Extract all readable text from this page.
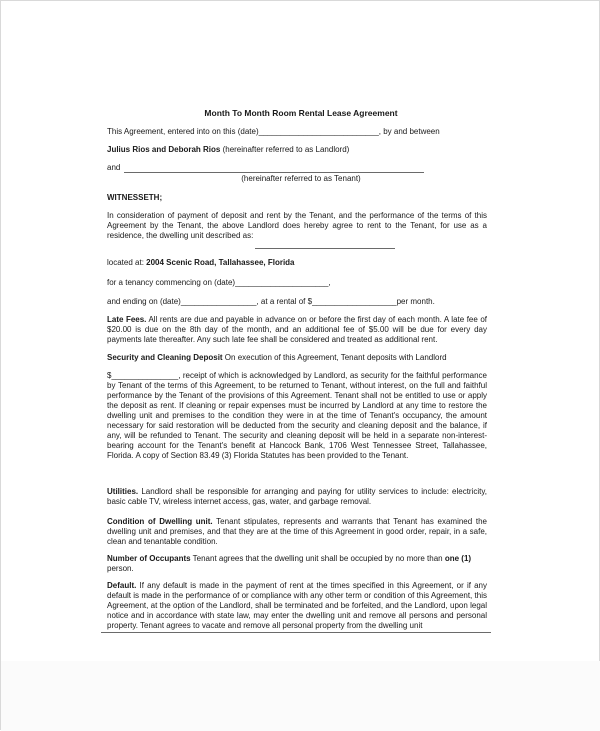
Month To Month Room Rental Lease Agreement
This Agreement, entered into on this (date)___________________________, by and between
Julius Rios and Deborah Rios (hereinafter referred to as Landlord)
and
(hereinafter referred to as Tenant)
WITNESSETH;
In consideration of payment of deposit and rent by the Tenant, and the performance of the terms of this Agreement by the Tenant, the above Landlord does hereby agree to rent to the Tenant, for use as a residence, the dwelling unit described as:
located at: 2004 Scenic Road, Tallahassee, Florida
for a tenancy commencing on (date)_____________________,
and ending on (date)_________________, at a rental of $___________________per month.
Late Fees. All rents are due and payable in advance on or before the first day of each month. A late fee of $20.00 is due on the 8th day of the month, and an additional fee of $5.00 will be due for every day payments late thereafter. Any such late fee shall be considered and treated as additional rent.
Security and Cleaning Deposit On execution of this Agreement, Tenant deposits with Landlord
$_______________, receipt of which is acknowledged by Landlord, as security for the faithful performance by Tenant of the terms of this Agreement, to be returned to Tenant, without interest, on the full and faithful performance by the Tenant of the provisions of this Agreement. Tenant shall not be entitled to use or apply the deposit as rent. If cleaning or repair expenses must be incurred by Landlord at any time to restore the dwelling unit and premises to the condition they were in at the time of Tenant's occupancy, the amount necessary for said restoration will be deducted from the security and cleaning deposit and the balance, if any, will be refunded to Tenant. The security and cleaning deposit will be held in a separate non-interest-bearing account for the Tenant's benefit at Hancock Bank, 1706 West Tennessee Street, Tallahassee, Florida. A copy of Section 83.49 (3) Florida Statutes has been provided to the Tenant.
Utilities. Landlord shall be responsible for arranging and paying for utility services to include: electricity, basic cable TV, wireless internet access, gas, water, and garbage removal.
Condition of Dwelling unit. Tenant stipulates, represents and warrants that Tenant has examined the dwelling unit and premises, and that they are at the time of this Agreement in good order, repair, in a safe, clean and tenantable condition.
Number of Occupants Tenant agrees that the dwelling unit shall be occupied by no more than one (1) person.
Default. If any default is made in the payment of rent at the times specified in this Agreement, or if any default is made in the performance of or compliance with any other term or condition of this Agreement, this Agreement, at the option of the Landlord, shall be terminated and be forfeited, and the Landlord, upon legal notice and in accordance with state law, may enter the dwelling unit and remove all persons and personal property. Tenant agrees to vacate and remove all personal property from the dwelling unit
